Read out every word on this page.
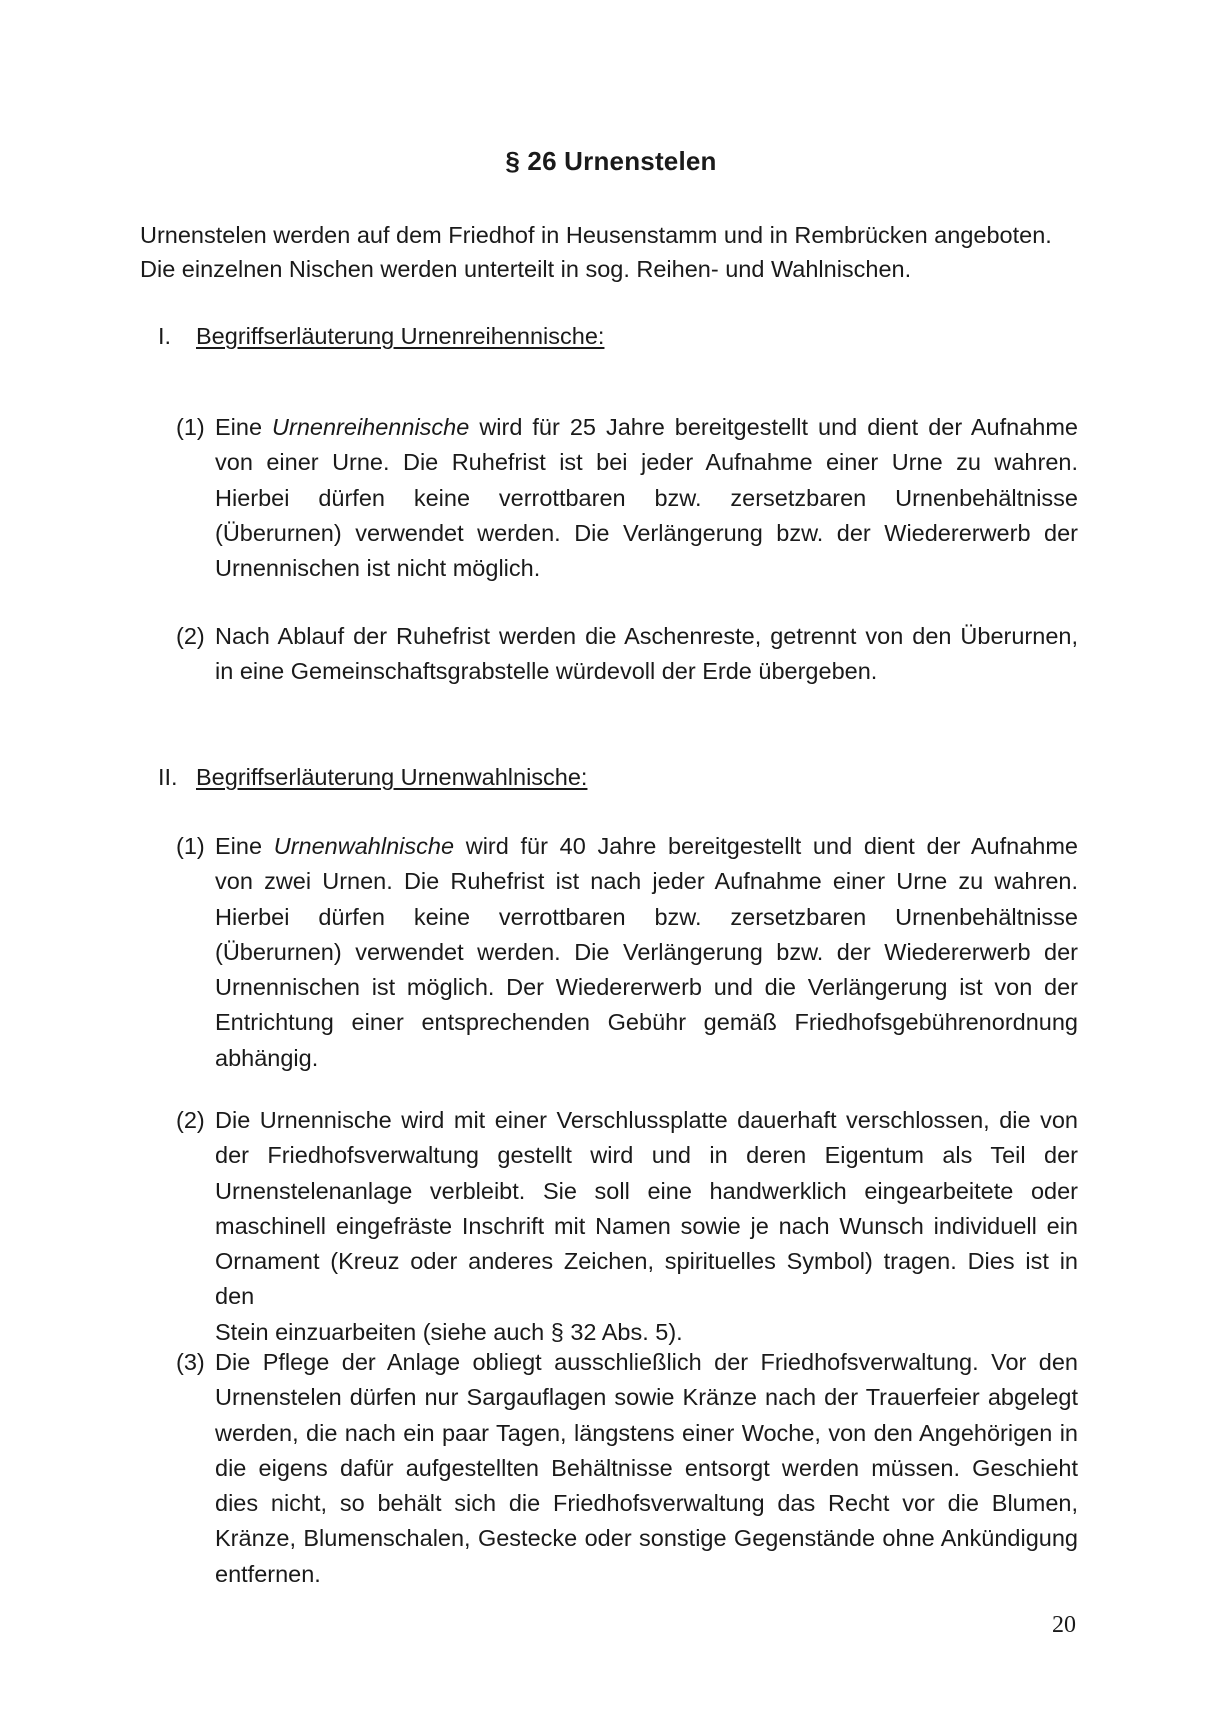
§ 26 Urnenstelen

Urnenstelen werden auf dem Friedhof in Heusenstamm und in Rembrücken angeboten.

Die einzelnen Nischen werden unterteilt in sog. Reihen- und Wahlnischen.

I. Begriffserläuterung Urnenreihennische:
(1) Eine Urnenreihennische wird für 25 Jahre bereitgestellt und dient der Aufnahme
von einer Urne. Die Ruhefrist ist bei jeder Aufnahme einer Urne zu wahren.
Hierbei dürfen keine verrottbaren bzw. zersetzbaren Urnenbehältnisse
(Überurnen) verwendet werden. Die Verlängerung bzw. der Wiedererwerb der
Urnennischen ist nicht möglich.
(2) Nach Ablauf der Ruhefrist werden die Aschenreste, getrennt von den Überurnen,
in eine Gemeinschaftsgrabstelle würdevoll der Erde übergeben.
II. Begriffserläuterung Urnenwahlnische:
(1) Eine Urnenwahlnische wird für 40 Jahre bereitgestellt und dient der Aufnahme
von zwei Urnen. Die Ruhefrist ist nach jeder Aufnahme einer Urne zu wahren.
Hierbei dürfen keine verrottbaren bzw. zersetzbaren Urnenbehältnisse
(Überurnen) verwendet werden. Die Verlängerung bzw. der Wiedererwerb der
Urnennischen ist möglich. Der Wiedererwerb und die Verlängerung ist von der
Entrichtung einer entsprechenden Gebühr gemäß Friedhofsgebührenordnung
abhängig.
(2) Die Urnennische wird mit einer Verschlussplatte dauerhaft verschlossen, die von
der Friedhofsverwaltung gestellt wird und in deren Eigentum als Teil der
Urnenstelenanlage verbleibt. Sie soll eine handwerklich eingearbeitete oder
maschinell eingefräste Inschrift mit Namen sowie je nach Wunsch individuell ein
Ornament (Kreuz oder anderes Zeichen, spirituelles Symbol) tragen. Dies ist in den
Stein einzuarbeiten (siehe auch § 32 Abs. 5).
(3) Die Pflege der Anlage obliegt ausschließlich der Friedhofsverwaltung. Vor den
Urnenstelen dürfen nur Sargauflagen sowie Kränze nach der Trauerfeier abgelegt
werden, die nach ein paar Tagen, längstens einer Woche, von den Angehörigen in
die eigens dafür aufgestellten Behältnisse entsorgt werden müssen. Geschieht
dies nicht, so behält sich die Friedhofsverwaltung das Recht vor die Blumen,
Kränze, Blumenschalen, Gestecke oder sonstige Gegenstände ohne Ankündigung
entfernen.
20
